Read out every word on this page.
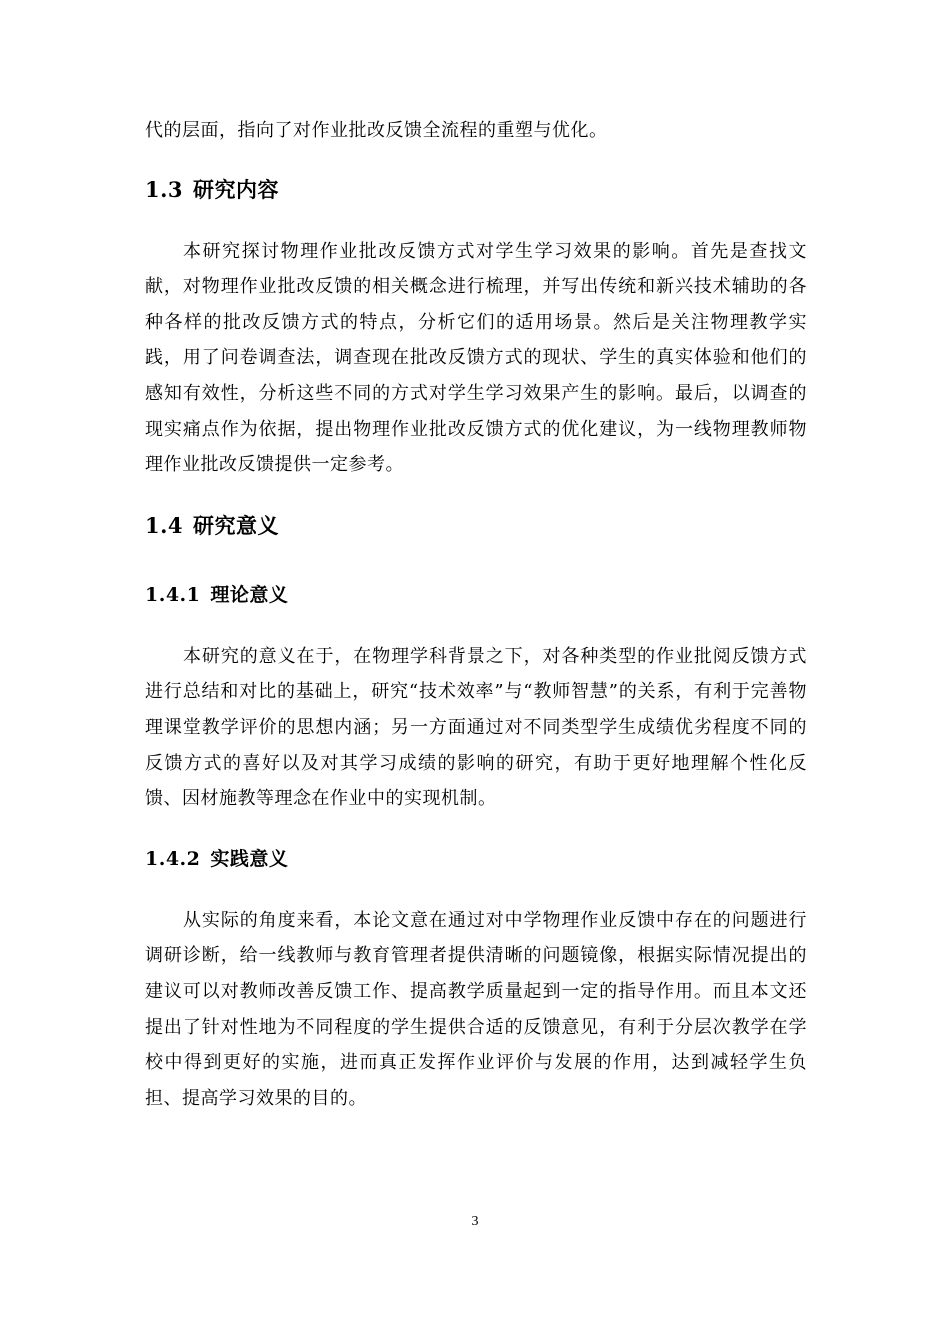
代的层面，指向了对作业批改反馈全流程的重塑与优化。

1.3 研究内容

本研究探讨物理作业批改反馈方式对学生学习效果的影响。首先是查找文献，对物理作业批改反馈的相关概念进行梳理，并写出传统和新兴技术辅助的各种各样的批改反馈方式的特点，分析它们的适用场景。然后是关注物理教学实践，用了问卷调查法，调查现在批改反馈方式的现状、学生的真实体验和他们的感知有效性，分析这些不同的方式对学生学习效果产生的影响。最后，以调查的现实痛点作为依据，提出物理作业批改反馈方式的优化建议，为一线物理教师物理作业批改反馈提供一定参考。

1.4 研究意义
1.4.1 理论意义

本研究的意义在于，在物理学科背景之下，对各种类型的作业批阅反馈方式进行总结和对比的基础上，研究“技术效率”与“教师智慧”的关系，有利于完善物理课堂教学评价的思想内涵；另一方面通过对不同类型学生成绩优劣程度不同的反馈方式的喜好以及对其学习成绩的影响的研究，有助于更好地理解个性化反馈、因材施教等理念在作业中的实现机制。

1.4.2 实践意义

从实际的角度来看，本论文意在通过对中学物理作业反馈中存在的问题进行调研诊断，给一线教师与教育管理者提供清晰的问题镜像，根据实际情况提出的建议可以对教师改善反馈工作、提高教学质量起到一定的指导作用。而且本文还提出了针对性地为不同程度的学生提供合适的反馈意见，有利于分层次教学在学校中得到更好的实施，进而真正发挥作业评价与发展的作用，达到减轻学生负担、提高学习效果的目的。

3
